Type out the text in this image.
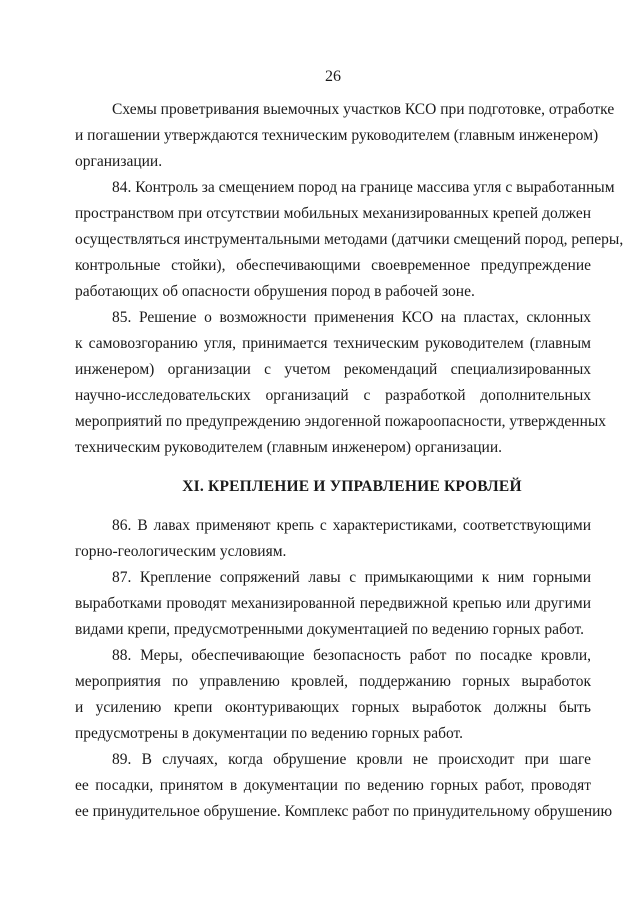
26
Схемы проветривания выемочных участков КСО при подготовке, отработке
и погашении утверждаются техническим руководителем (главным инженером)
организации.
84. Контроль за смещением пород на границе массива угля с выработанным
пространством при отсутствии мобильных механизированных крепей должен
осуществляться инструментальными методами (датчики смещений пород, реперы,
контрольные стойки), обеспечивающими своевременное предупреждение
работающих об опасности обрушения пород в рабочей зоне.
85. Решение о возможности применения КСО на пластах, склонных
к самовозгоранию угля, принимается техническим руководителем (главным
инженером) организации с учетом рекомендаций специализированных
научно-исследовательских организаций с разработкой дополнительных
мероприятий по предупреждению эндогенной пожароопасности, утвержденных
техническим руководителем (главным инженером) организации.
XI. КРЕПЛЕНИЕ И УПРАВЛЕНИЕ КРОВЛЕЙ
86. В лавах применяют крепь с характеристиками, соответствующими
горно-геологическим условиям.
87. Крепление сопряжений лавы с примыкающими к ним горными
выработками проводят механизированной передвижной крепью или другими
видами крепи, предусмотренными документацией по ведению горных работ.
88. Меры, обеспечивающие безопасность работ по посадке кровли,
мероприятия по управлению кровлей, поддержанию горных выработок
и усилению крепи оконтуривающих горных выработок должны быть
предусмотрены в документации по ведению горных работ.
89. В случаях, когда обрушение кровли не происходит при шаге
ее посадки, принятом в документации по ведению горных работ, проводят
ее принудительное обрушение. Комплекс работ по принудительному обрушению
